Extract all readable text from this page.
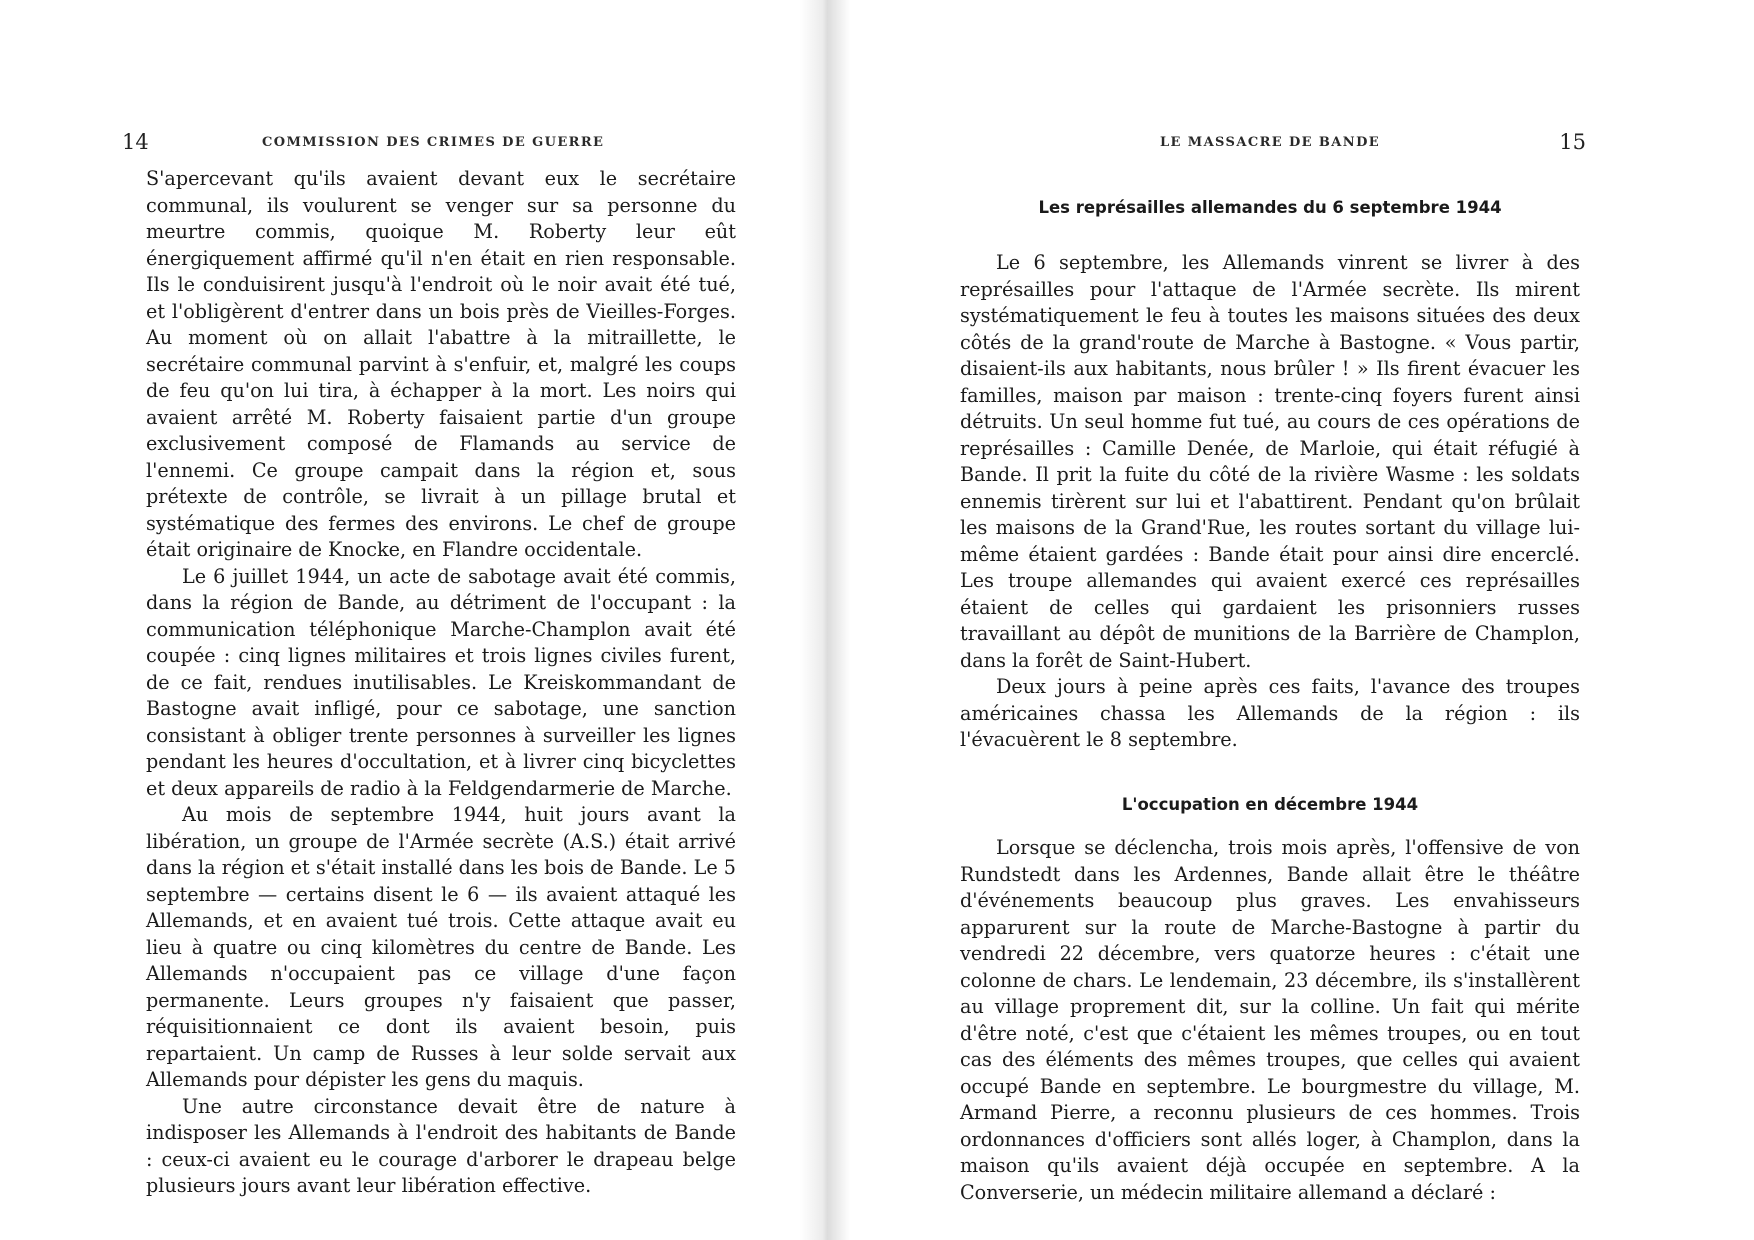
14	COMMISSION DES CRIMES DE GUERRE

S'apercevant qu'ils avaient devant eux le secrétaire communal, ils voulurent se venger sur sa personne du meurtre commis, quoique M. Roberty leur eût énergiquement affirmé qu'il n'en était en rien responsable. Ils le conduisirent jusqu'à l'endroit où le noir avait été tué, et l'obligèrent d'entrer dans un bois près de Vieilles-Forges. Au moment où on allait l'abattre à la mitraillette, le secrétaire communal parvint à s'enfuir, et, malgré les coups de feu qu'on lui tira, à échapper à la mort. Les noirs qui avaient arrêté M. Roberty faisaient partie d'un groupe exclusivement composé de Flamands au service de l'ennemi. Ce groupe campait dans la région et, sous prétexte de contrôle, se livrait à un pillage brutal et systématique des fermes des environs. Le chef de groupe était originaire de Knocke, en Flandre occidentale.

Le 6 juillet 1944, un acte de sabotage avait été commis, dans la région de Bande, au détriment de l'occupant : la communication téléphonique Marche-Champlon avait été coupée : cinq lignes militaires et trois lignes civiles furent, de ce fait, rendues inutilisables. Le Kreiskommandant de Bastogne avait infligé, pour ce sabotage, une sanction consistant à obliger trente personnes à surveiller les lignes pendant les heures d'occultation, et à livrer cinq bicyclettes et deux appareils de radio à la Feldgendarmerie de Marche.

Au mois de septembre 1944, huit jours avant la libération, un groupe de l'Armée secrète (A.S.) était arrivé dans la région et s'était installé dans les bois de Bande. Le 5 septembre — certains disent le 6 — ils avaient attaqué les Allemands, et en avaient tué trois. Cette attaque avait eu lieu à quatre ou cinq kilomètres du centre de Bande. Les Allemands n'occupaient pas ce village d'une façon permanente. Leurs groupes n'y faisaient que passer, réquisitionnaient ce dont ils avaient besoin, puis repartaient. Un camp de Russes à leur solde servait aux Allemands pour dépister les gens du maquis.

Une autre circonstance devait être de nature à indisposer les Allemands à l'endroit des habitants de Bande : ceux-ci avaient eu le courage d'arborer le drapeau belge plusieurs jours avant leur libération effective.

LE MASSACRE DE BANDE	15
Les représailles allemandes du 6 septembre 1944

Le 6 septembre, les Allemands vinrent se livrer à des représailles pour l'attaque de l'Armée secrète. Ils mirent systématiquement le feu à toutes les maisons situées des deux côtés de la grand'route de Marche à Bastogne. « Vous partir, disaient-ils aux habitants, nous brûler ! » Ils firent évacuer les familles, maison par maison : trente-cinq foyers furent ainsi détruits. Un seul homme fut tué, au cours de ces opérations de représailles : Camille Denée, de Marloie, qui était réfugié à Bande. Il prit la fuite du côté de la rivière Wasme : les soldats ennemis tirèrent sur lui et l'abattirent. Pendant qu'on brûlait les maisons de la Grand'Rue, les routes sortant du village lui-même étaient gardées : Bande était pour ainsi dire encerclé. Les troupe allemandes qui avaient exercé ces représailles étaient de celles qui gardaient les prisonniers russes travaillant au dépôt de munitions de la Barrière de Champlon, dans la forêt de Saint-Hubert.

Deux jours à peine après ces faits, l'avance des troupes américaines chassa les Allemands de la région : ils l'évacuèrent le 8 septembre.

L'occupation en décembre 1944

Lorsque se déclencha, trois mois après, l'offensive de von Rundstedt dans les Ardennes, Bande allait être le théâtre d'événements beaucoup plus graves. Les envahisseurs apparurent sur la route de Marche-Bastogne à partir du vendredi 22 décembre, vers quatorze heures : c'était une colonne de chars. Le lendemain, 23 décembre, ils s'installèrent au village proprement dit, sur la colline. Un fait qui mérite d'être noté, c'est que c'étaient les mêmes troupes, ou en tout cas des éléments des mêmes troupes, que celles qui avaient occupé Bande en septembre. Le bourgmestre du village, M. Armand Pierre, a reconnu plusieurs de ces hommes. Trois ordonnances d'officiers sont allés loger, à Champlon, dans la maison qu'ils avaient déjà occupée en septembre. A la Converserie, un médecin militaire allemand a déclaré :
